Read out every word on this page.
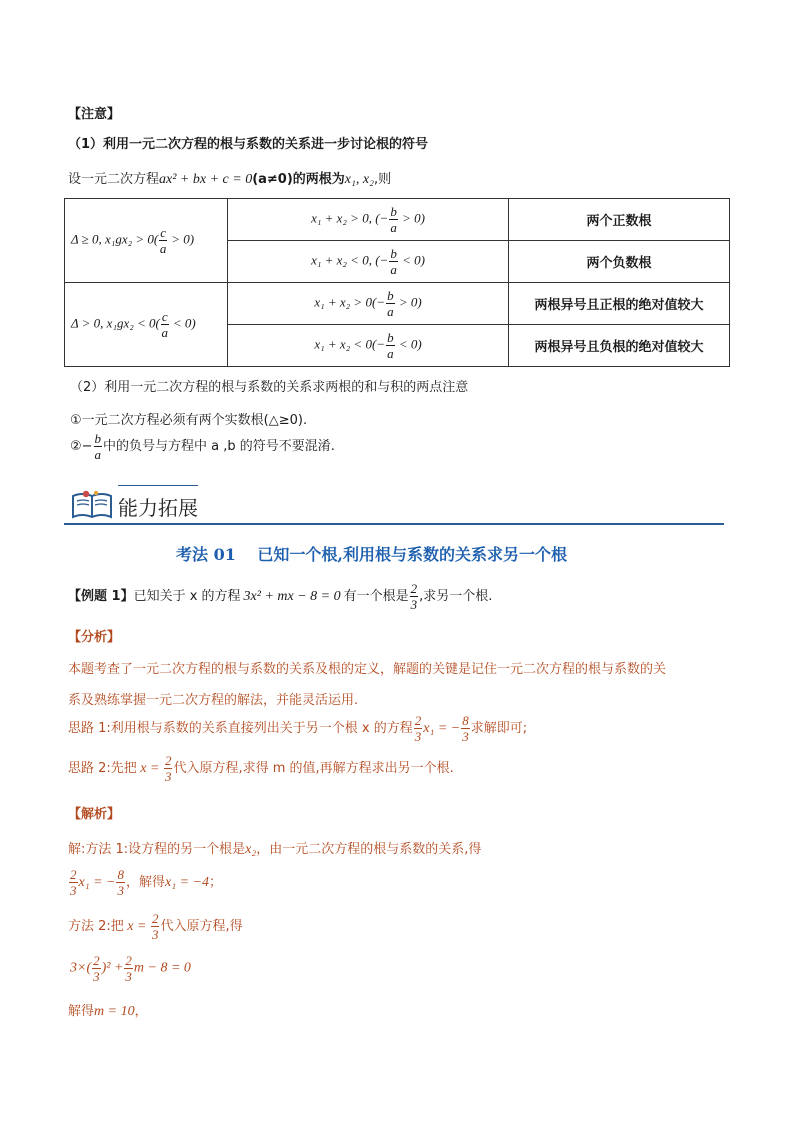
【注意】
（1）利用一元二次方程的根与系数的关系进一步讨论根的符号
设一元二次方程ax² + bx + c = 0(a≠0)的两根为x₁, x₂,则
Δ ≥ 0, $x_1gx_2 > 0( \frac{c}{a} > 0)$	x₁ + x₂ > 0, (− $\frac{b}{a} > 0$)	两个正数根
	x₁ + x₂ < 0, (− $\frac{b}{a} < 0$)	两个负数根
Δ > 0, $x_1gx_2 < 0( \frac{c}{a} < 0)$	$x_1 + x_2 > 0(- \frac{b}{a} > 0)$	两根异号且正根的绝对值较大
	$x_1 + x_2 < 0(- \frac{b}{a} < 0)$	两根异号且负根的绝对值较大
（2）利用一元二次方程的根与系数的关系求两根的和与积的两点注意
①一元二次方程必须有两个实数根(△≥0).
②− $\frac{b}{a}$ 中的负号与方程中 a ,b 的符号不要混淆.
能力拓展
考法 01　 已知一个根,利用根与系数的关系求另一个根
【例题 1】已知关于 x 的方程 3x² + mx − 8 = 0 有一个根是 $\frac{2}{3}$ ,求另一个根.
【分析】
本题考查了一元二次方程的根与系数的关系及根的定义，解题的关键是记住一元二次方程的根与系数的关
系及熟练掌握一元二次方程的解法，并能灵活运用.
思路 1:利用根与系数的关系直接列出关于另一个根 x 的方程 $\frac{2}{3} x_1$ = − $\frac{8}{3}$ 求解即可;
思路 2:先把 $x = \frac{2}{3}$ 代入原方程,求得 m 的值,再解方程求出另一个根.
【解析】
解:方法 1:设方程的另一个根是x₂，由一元二次方程的根与系数的关系,得
$\frac{2}{3} x_1$ = − $\frac{8}{3}$ ，解得x₁ = −4；
方法 2:把 $x = \frac{2}{3}$ 代入原方程,得
$3\times( \frac{2}{3} )^2 + \frac{2}{3}$ m − 8 = 0
解得m = 10，
